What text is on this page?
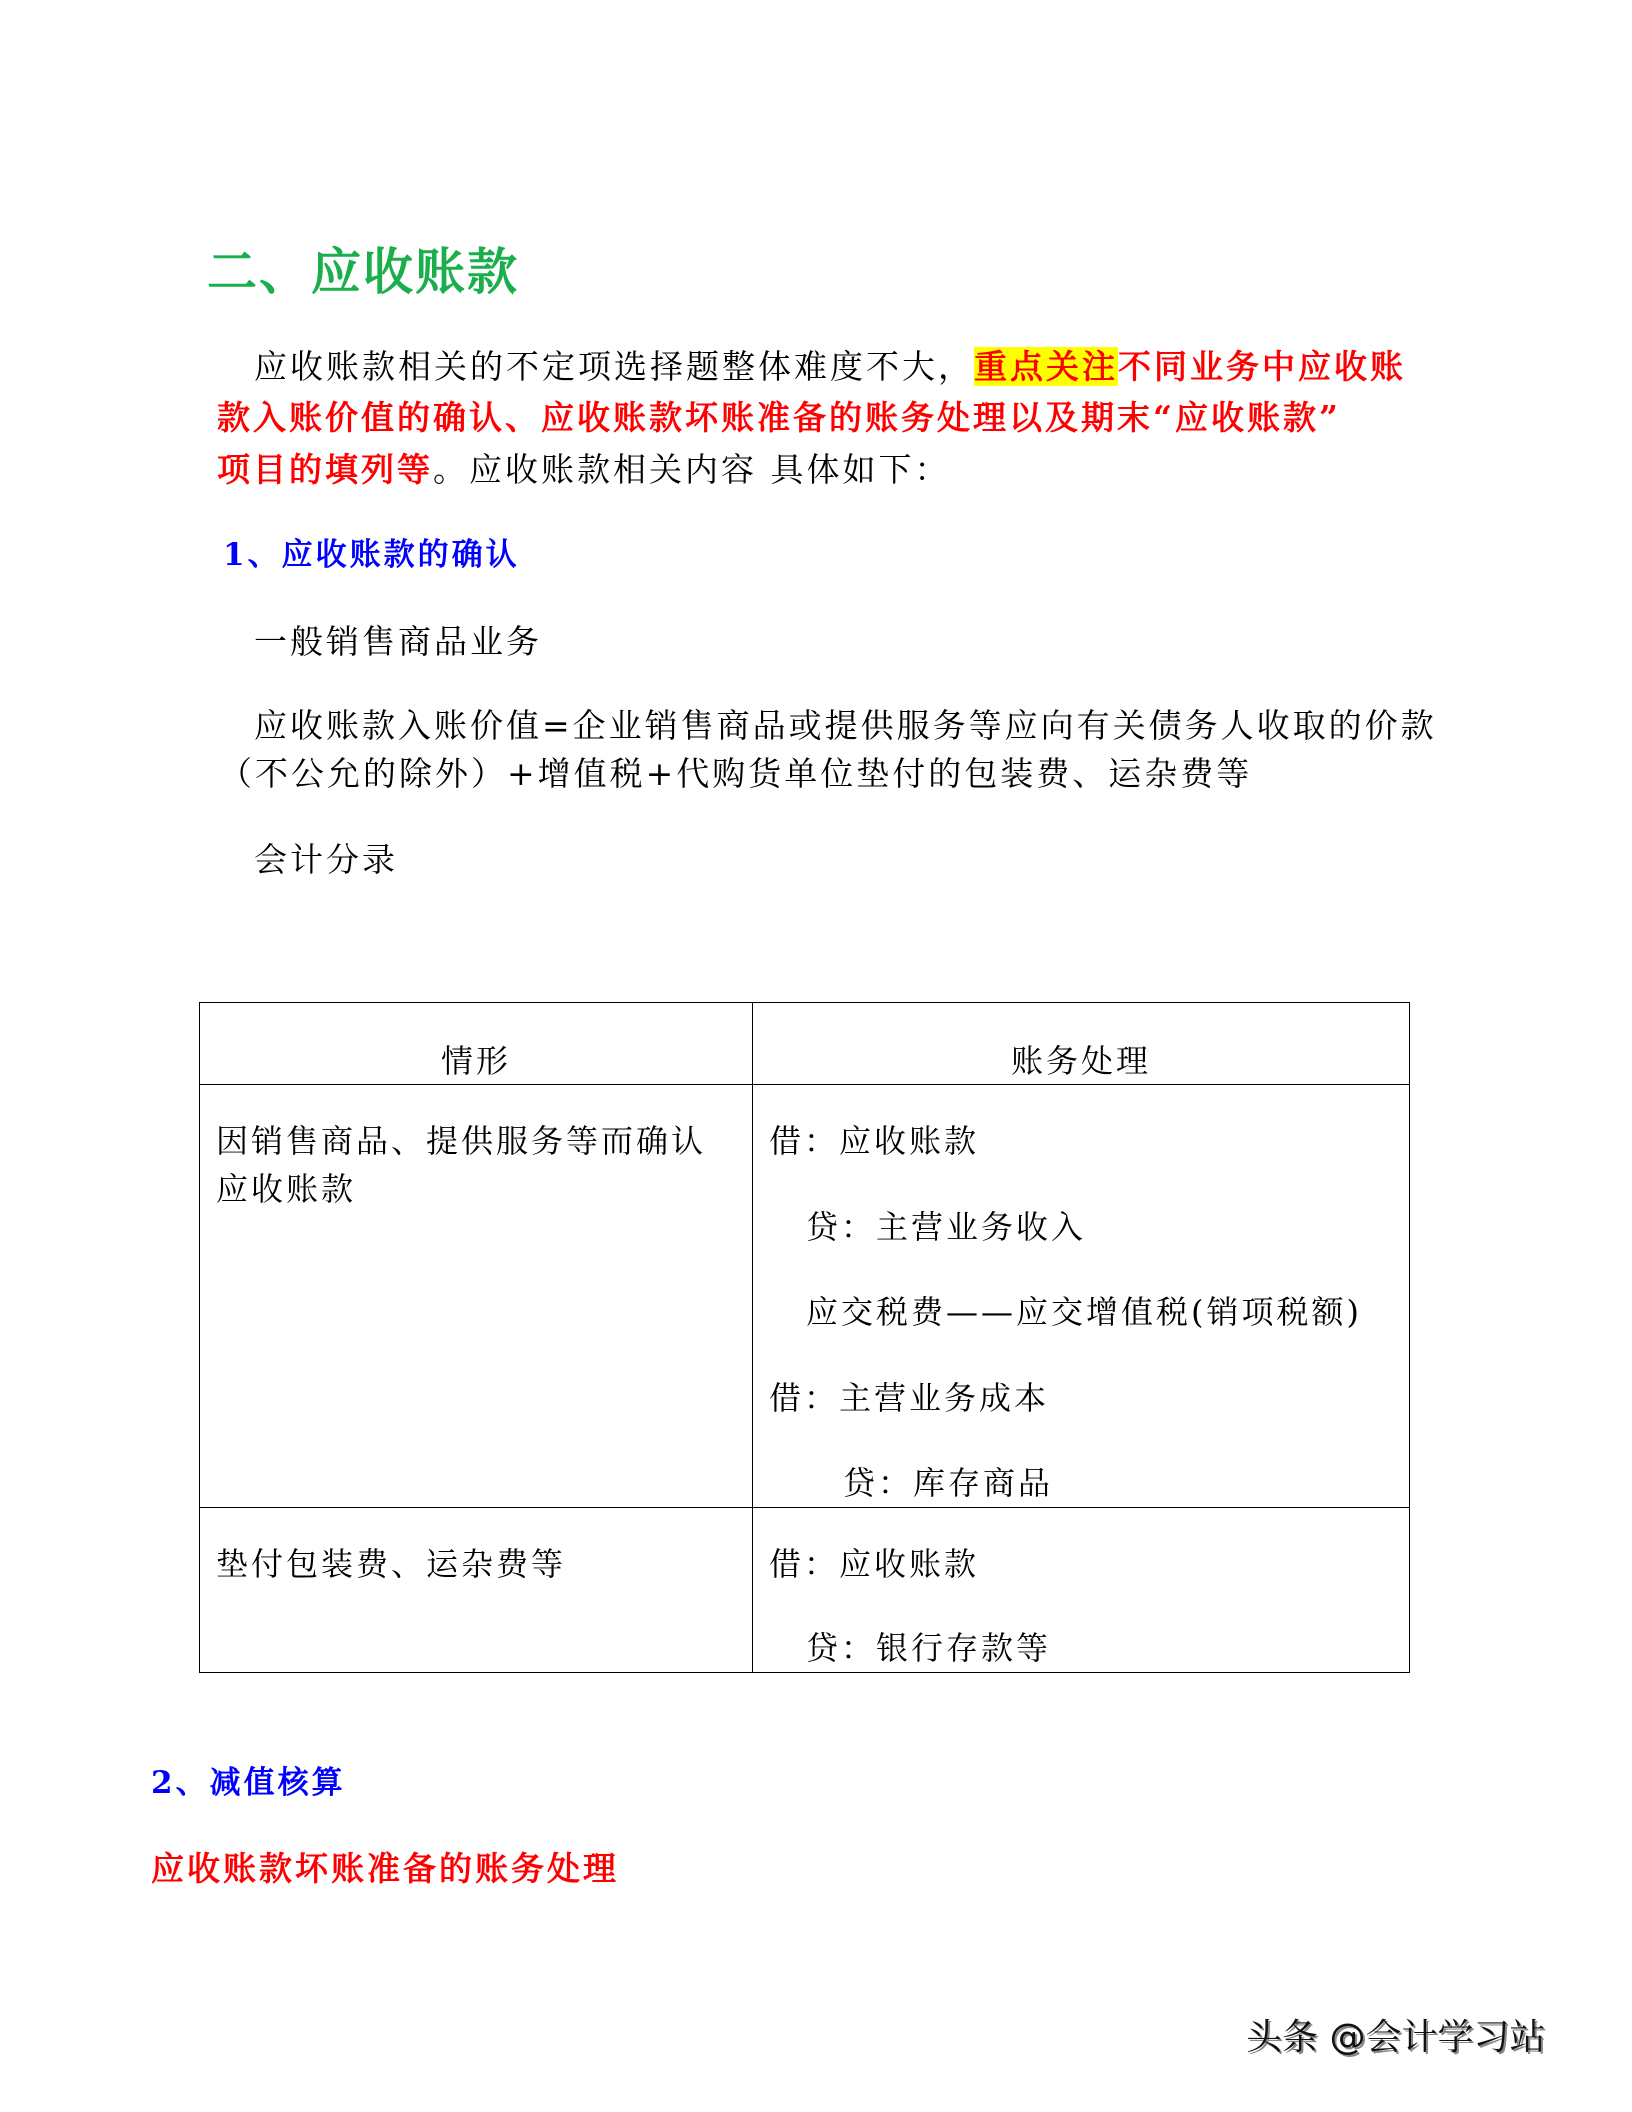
二、应收账款
应收账款相关的不定项选择题整体难度不大，重点关注不同业务中应收账
款入账价值的确认、应收账款坏账准备的账务处理以及期末“应收账款”
项目的填列等。应收账款相关内容 具体如下：
1、应收账款的确认
一般销售商品业务
应收账款入账价值=企业销售商品或提供服务等应向有关债务人收取的价款
（不公允的除外）+增值税+代购货单位垫付的包装费、运杂费等
会计分录
情形	账务处理

因销售商品、提供服务等而确认
应收账款	借：应收账款
贷：主营业务收入
应交税费——应交增值税(销项税额)
借：主营业务成本
贷：库存商品

垫付包装费、运杂费等	借：应收账款
贷：银行存款等
2、减值核算
应收账款坏账准备的账务处理
头条 @会计学习站
